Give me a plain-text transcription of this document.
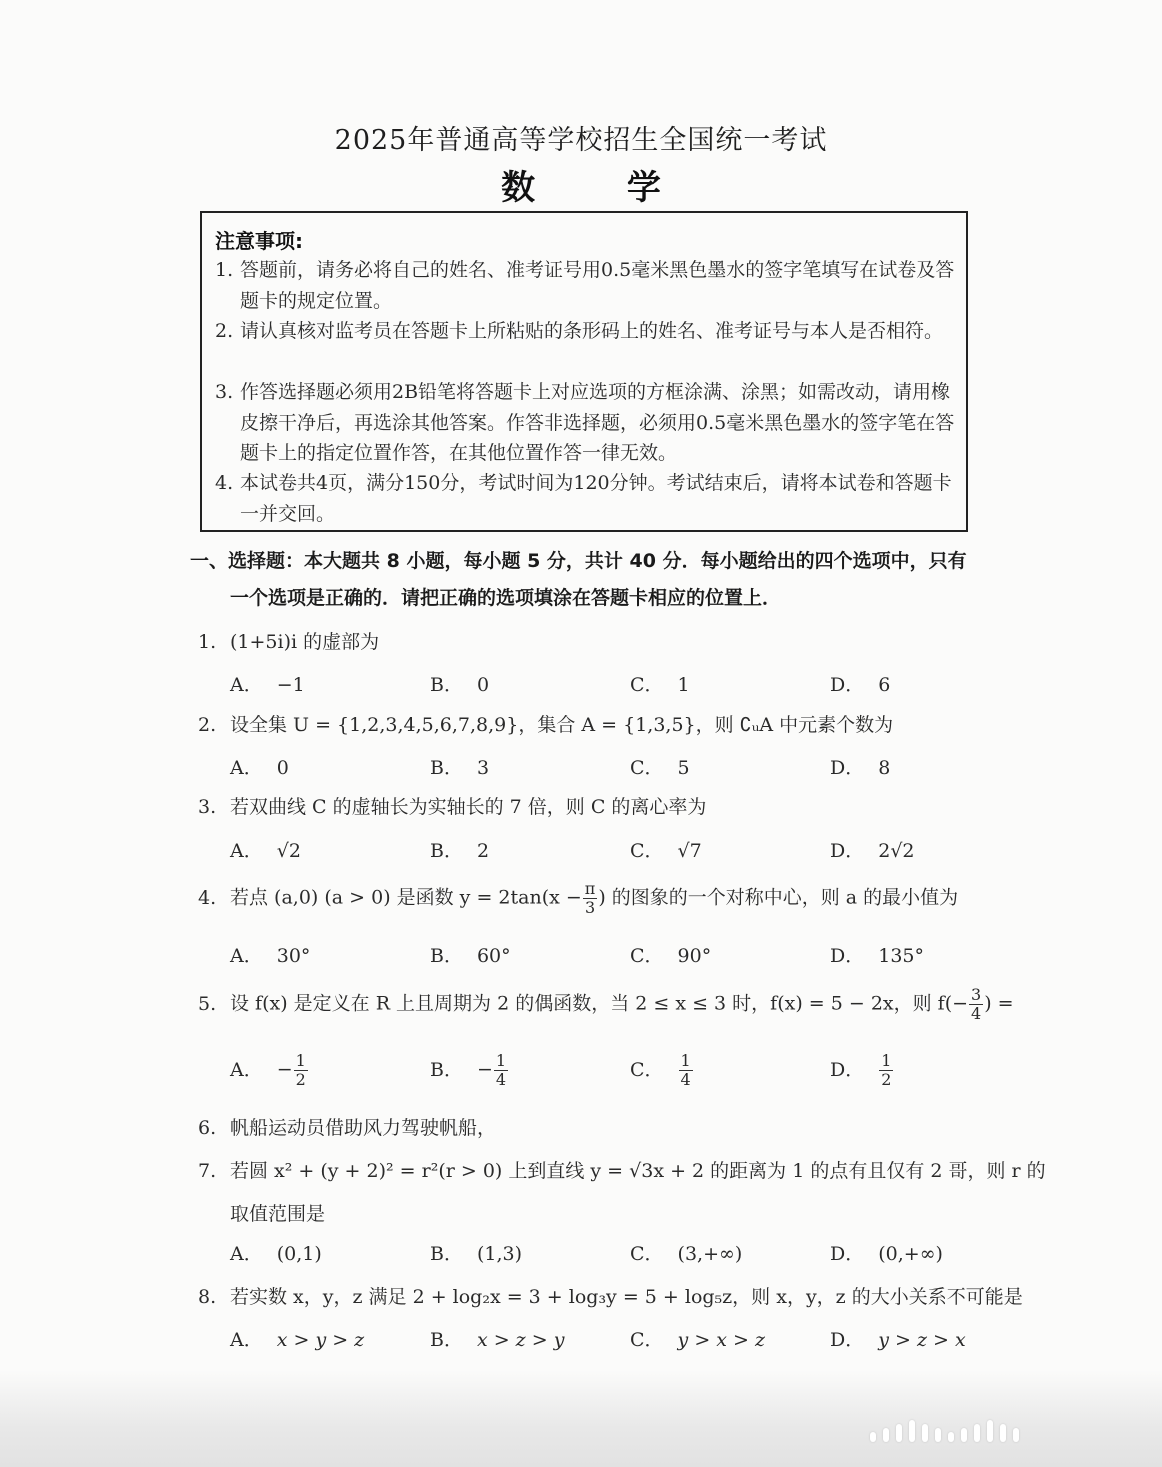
2025年普通高等学校招生全国统一考试
数 学
注意事项:
1. 答题前，请务必将自己的姓名、准考证号用0.5毫米黑色墨水的签字笔填写在试卷及答题卡的规定位置。
2. 请认真核对监考员在答题卡上所粘贴的条形码上的姓名、准考证号与本人是否相符。
3. 作答选择题必须用2B铅笔将答题卡上对应选项的方框涂满、涂黑；如需改动，请用橡皮擦干净后，再选涂其他答案。作答非选择题，必须用0.5毫米黑色墨水的签字笔在答题卡上的指定位置作答，在其他位置作答一律无效。
4. 本试卷共4页，满分150分，考试时间为120分钟。考试结束后，请将本试卷和答题卡一并交回。
一、选择题：本大题共 8 小题，每小题 5 分，共计 40 分．每小题给出的四个选项中，只有
一个选项是正确的．请把正确的选项填涂在答题卡相应的位置上．
1. (1+5i)i 的虚部为
A． −1	B． 0	C． 1	D． 6
2. 设全集 U = {1,2,3,4,5,6,7,8,9}，集合 A = {1,3,5}，则 ∁ᵤA 中元素个数为
A． 0	B． 3	C． 5	D． 8
3. 若双曲线 C 的虚轴长为实轴长的 7 倍，则 C 的离心率为
A． √2	B． 2	C． √7	D． 2√2
4. 若点 (a,0) (a > 0) 是函数 $y = 2\tan(x - \frac{\pi}{3}$ ) 的图象的一个对称中心，则 a 的最小值为
A． 30°	B． 60°	C． 90°	D． 135°
5. 设 f(x) 是定义在 R 上且周期为 2 的偶函数，当 2 ≤ x ≤ 3 时，f(x) = 5 − 2x，则 $f(- \frac{3}{4}$ ) =
A． − $\frac{1}{2}$	B． − $\frac{1}{4}$	C． $\frac{1}{4}$	D． $\frac{1}{2}$
6. 帆船运动员借助风力驾驶帆船，
7. 若圆 x² + (y + 2)² = r²(r > 0) 上到直线 y = √3x + 2 的距离为 1 的点有且仅有 2 哥，则 r 的
取值范围是
A． (0,1)	B． (1,3)	C． (3,+∞)	D． (0,+∞)
8. 若实数 x，y，z 满足 2 + log₂x = 3 + log₃y = 5 + log₅z，则 x，y，z 的大小关系不可能是
A． x > y > z	B． x > z > y	C． y > x > z	D． y > z > x
